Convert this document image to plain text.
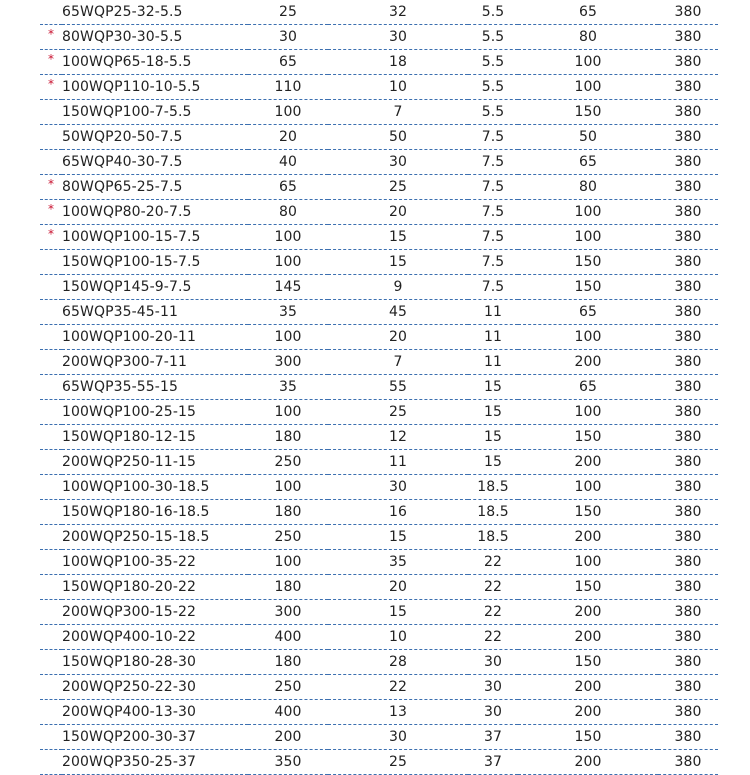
	65WQP25-32-5.5	25	32	5.5	65	380
*	80WQP30-30-5.5	30	30	5.5	80	380
*	100WQP65-18-5.5	65	18	5.5	100	380
*	100WQP110-10-5.5	110	10	5.5	100	380
	150WQP100-7-5.5	100	7	5.5	150	380
	50WQP20-50-7.5	20	50	7.5	50	380
	65WQP40-30-7.5	40	30	7.5	65	380
*	80WQP65-25-7.5	65	25	7.5	80	380
*	100WQP80-20-7.5	80	20	7.5	100	380
*	100WQP100-15-7.5	100	15	7.5	100	380
	150WQP100-15-7.5	100	15	7.5	150	380
	150WQP145-9-7.5	145	9	7.5	150	380
	65WQP35-45-11	35	45	11	65	380
	100WQP100-20-11	100	20	11	100	380
	200WQP300-7-11	300	7	11	200	380
	65WQP35-55-15	35	55	15	65	380
	100WQP100-25-15	100	25	15	100	380
	150WQP180-12-15	180	12	15	150	380
	200WQP250-11-15	250	11	15	200	380
	100WQP100-30-18.5	100	30	18.5	100	380
	150WQP180-16-18.5	180	16	18.5	150	380
	200WQP250-15-18.5	250	15	18.5	200	380
	100WQP100-35-22	100	35	22	100	380
	150WQP180-20-22	180	20	22	150	380
	200WQP300-15-22	300	15	22	200	380
	200WQP400-10-22	400	10	22	200	380
	150WQP180-28-30	180	28	30	150	380
	200WQP250-22-30	250	22	30	200	380
	200WQP400-13-30	400	13	30	200	380
	150WQP200-30-37	200	30	37	150	380
	200WQP350-25-37	350	25	37	200	380
